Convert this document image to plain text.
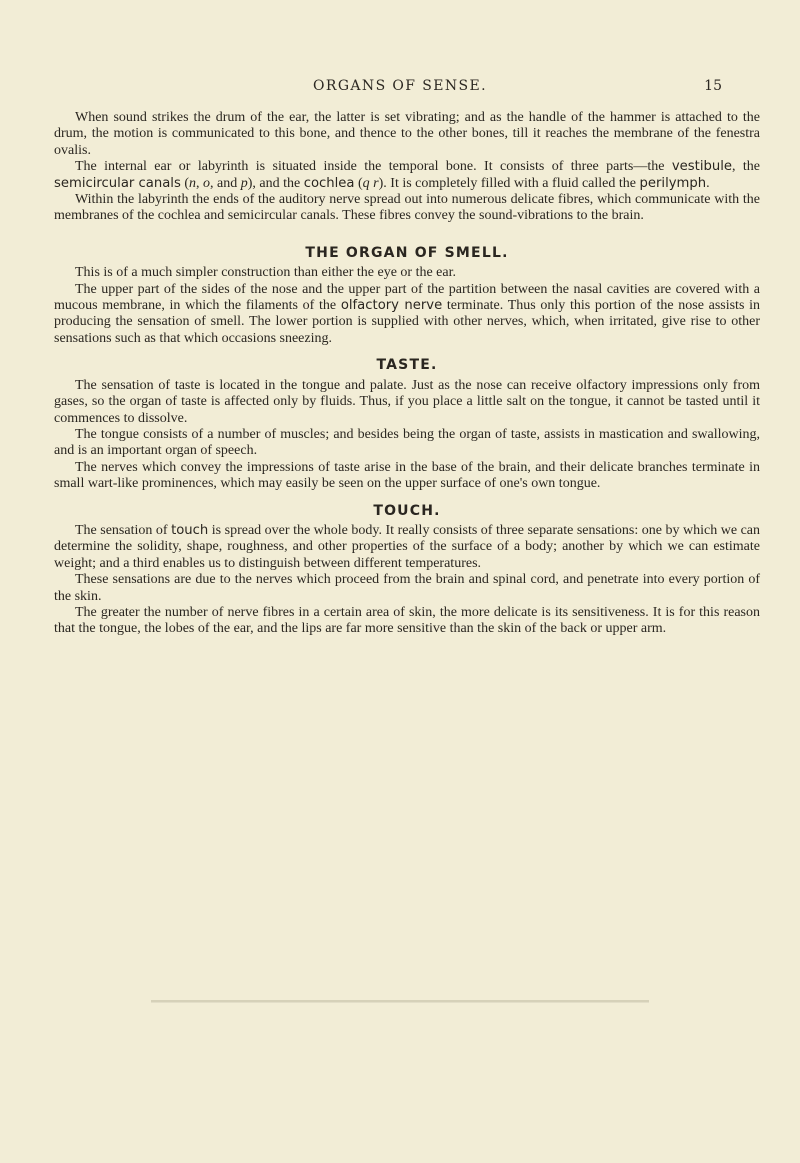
ORGANS OF SENSE.	15

When sound strikes the drum of the ear, the latter is set vibrating; and as the handle of the hammer is attached to the drum, the motion is communicated to this bone, and thence to the other bones, till it reaches the membrane of the fenestra ovalis.

The internal ear or labyrinth is situated inside the temporal bone. It consists of three parts—the vestibule, the semicircular canals (n, o, and p), and the cochlea (q r). It is completely filled with a fluid called the perilymph.

Within the labyrinth the ends of the auditory nerve spread out into numerous delicate fibres, which communicate with the membranes of the cochlea and semicircular canals. These fibres convey the sound-vibrations to the brain.

THE ORGAN OF SMELL.

This is of a much simpler construction than either the eye or the ear.

The upper part of the sides of the nose and the upper part of the partition between the nasal cavities are covered with a mucous membrane, in which the filaments of the olfactory nerve terminate. Thus only this portion of the nose assists in producing the sensation of smell. The lower portion is supplied with other nerves, which, when irritated, give rise to other sensations such as that which occasions sneezing.

TASTE.

The sensation of taste is located in the tongue and palate. Just as the nose can receive olfactory impressions only from gases, so the organ of taste is affected only by fluids. Thus, if you place a little salt on the tongue, it cannot be tasted until it commences to dissolve.

The tongue consists of a number of muscles; and besides being the organ of taste, assists in mastication and swallowing, and is an important organ of speech.

The nerves which convey the impressions of taste arise in the base of the brain, and their delicate branches terminate in small wart-like prominences, which may easily be seen on the upper surface of one's own tongue.

TOUCH.

The sensation of touch is spread over the whole body. It really consists of three separate sensations: one by which we can determine the solidity, shape, roughness, and other properties of the surface of a body; another by which we can estimate weight; and a third enables us to distinguish between different temperatures.

These sensations are due to the nerves which proceed from the brain and spinal cord, and penetrate into every portion of the skin.

The greater the number of nerve fibres in a certain area of skin, the more delicate is its sensitiveness. It is for this reason that the tongue, the lobes of the ear, and the lips are far more sensitive than the skin of the back or upper arm.
